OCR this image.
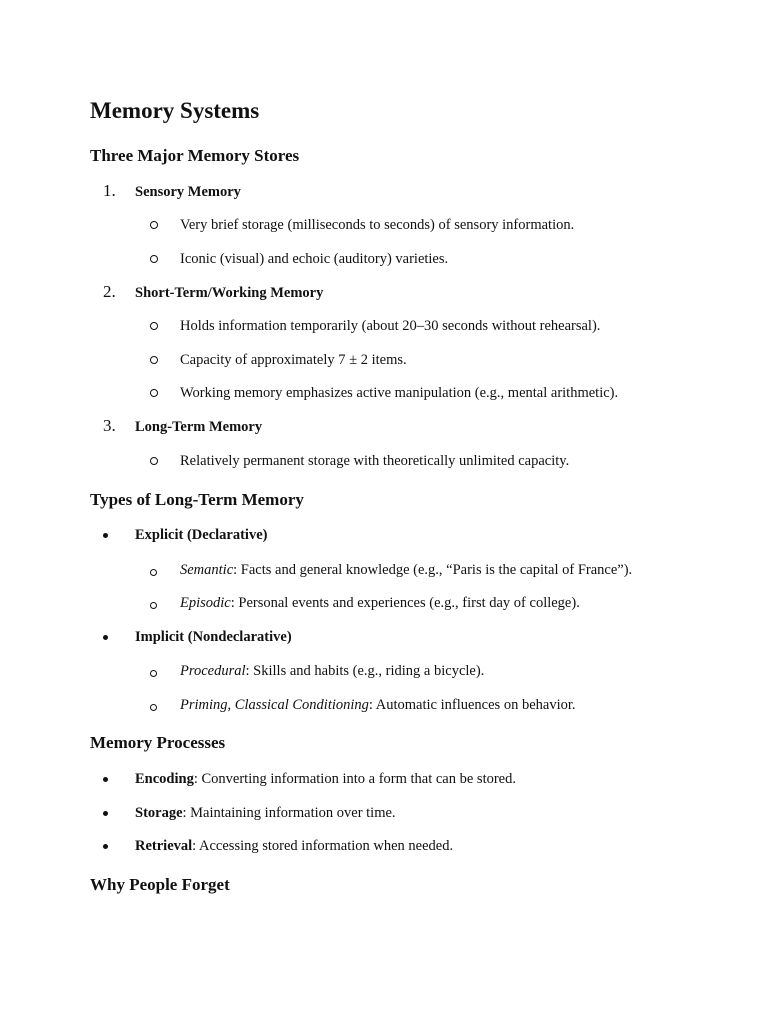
Memory Systems
Three Major Memory Stores
1. Sensory Memory
Very brief storage (milliseconds to seconds) of sensory information.
Iconic (visual) and echoic (auditory) varieties.
2. Short-Term/Working Memory
Holds information temporarily (about 20–30 seconds without rehearsal).
Capacity of approximately 7 ± 2 items.
Working memory emphasizes active manipulation (e.g., mental arithmetic).
3. Long-Term Memory
Relatively permanent storage with theoretically unlimited capacity.
Types of Long-Term Memory
Explicit (Declarative)
Semantic: Facts and general knowledge (e.g., “Paris is the capital of France”).
Episodic: Personal events and experiences (e.g., first day of college).
Implicit (Nondeclarative)
Procedural: Skills and habits (e.g., riding a bicycle).
Priming, Classical Conditioning: Automatic influences on behavior.
Memory Processes
Encoding: Converting information into a form that can be stored.
Storage: Maintaining information over time.
Retrieval: Accessing stored information when needed.
Why People Forget
